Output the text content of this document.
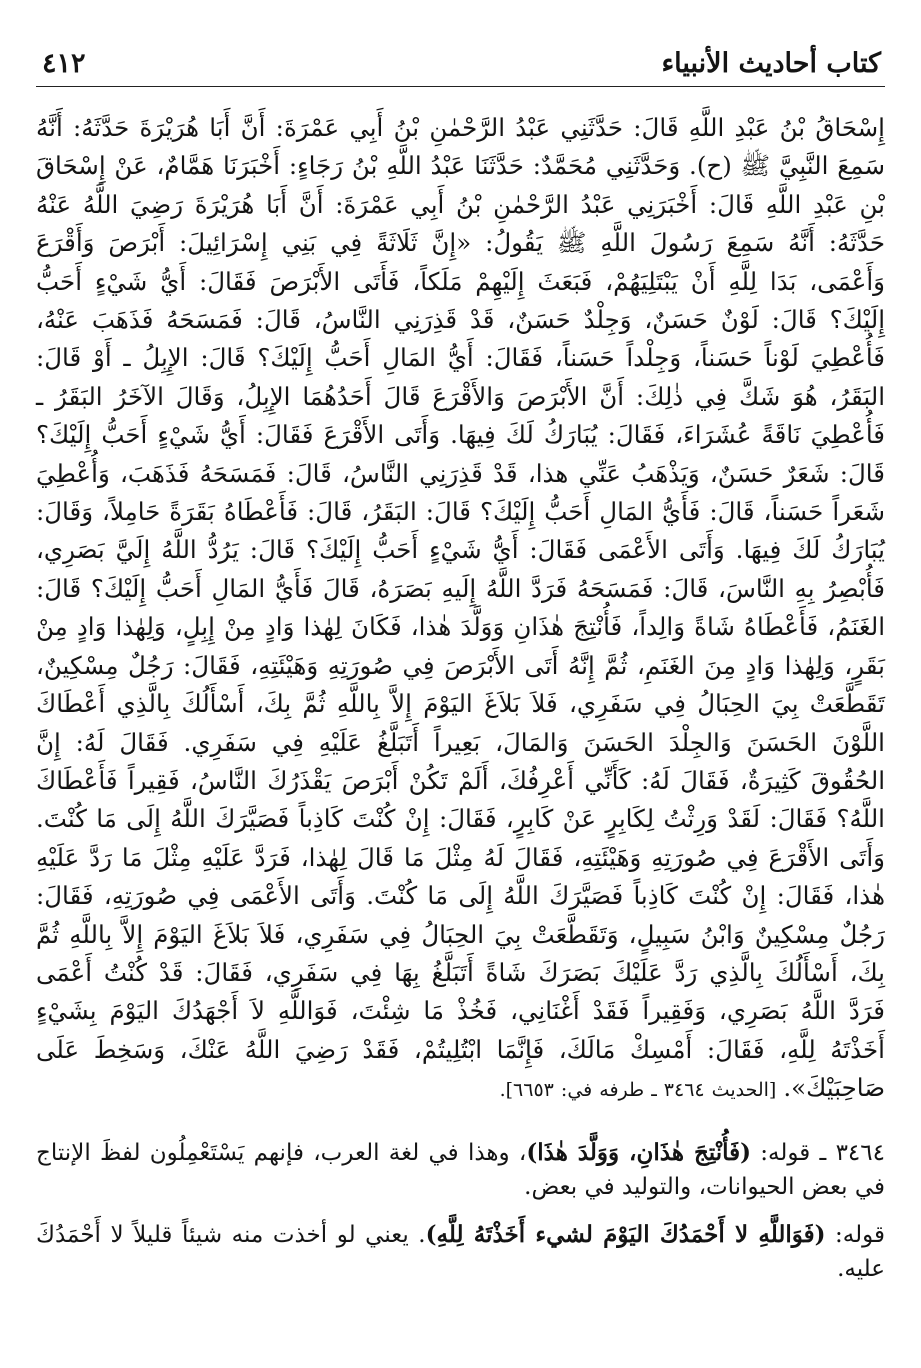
كتاب أحاديث الأنبياء
٤١٢
إِسْحَاقُ بْنُ عَبْدِ اللَّهِ قَالَ: حَدَّثَنِي عَبْدُ الرَّحْمٰنِ بْنُ أَبِي عَمْرَةَ: أَنَّ أَبَا هُرَيْرَةَ حَدَّثَهُ: أَنَّهُ سَمِعَ النَّبِيَّ ﷺ (ح). وَحَدَّثَنِي مُحَمَّدٌ: حَدَّثَنَا عَبْدُ اللَّهِ بْنُ رَجَاءٍ: أَخْبَرَنَا هَمَّامٌ، عَنْ إِسْحَاقَ بْنِ عَبْدِ اللَّهِ قَالَ: أَخْبَرَنِي عَبْدُ الرَّحْمٰنِ بْنُ أَبِي عَمْرَةَ: أَنَّ أَبَا هُرَيْرَةَ رَضِيَ اللَّهُ عَنْهُ حَدَّثَهُ: أَنَّهُ سَمِعَ رَسُولَ اللَّهِ ﷺ يَقُولُ: «إِنَّ ثَلَاثَةً فِي بَنِي إِسْرَائِيلَ: أَبْرَصَ وَأَقْرَعَ وَأَعْمَى، بَدَا لِلَّهِ أَنْ يَبْتَلِيَهُمْ، فَبَعَثَ إِلَيْهِمْ مَلَكاً، فَأَتَى الأَبْرَصَ فَقَالَ: أَيُّ شَيْءٍ أَحَبُّ إِلَيْكَ؟ قَالَ: لَوْنٌ حَسَنٌ، وَجِلْدٌ حَسَنٌ، قَدْ قَذِرَنِي النَّاسُ، قَالَ: فَمَسَحَهُ فَذَهَبَ عَنْهُ، فَأُعْطِيَ لَوْناً حَسَناً، وَجِلْداً حَسَناً، فَقَالَ: أَيُّ المَالِ أَحَبُّ إِلَيْكَ؟ قَالَ: الإِبِلُ ـ أَوْ قَالَ: البَقَرُ، هُوَ شَكَّ فِي ذٰلِكَ: أَنَّ الأَبْرَصَ وَالأَقْرَعَ قَالَ أَحَدُهُمَا الإِبِلُ، وَقَالَ الآخَرُ البَقَرُ ـ فَأُعْطِيَ نَاقَةً عُشَرَاءَ، فَقَالَ: يُبَارَكُ لَكَ فِيهَا. وَأَتَى الأَقْرَعَ فَقَالَ: أَيُّ شَيْءٍ أَحَبُّ إِلَيْكَ؟ قَالَ: شَعَرٌ حَسَنٌ، وَيَذْهَبُ عَنِّي هذا، قَدْ قَذِرَنِي النَّاسُ، قَالَ: فَمَسَحَهُ فَذَهَبَ، وَأُعْطِيَ شَعَراً حَسَناً، قَالَ: فَأَيُّ المَالِ أَحَبُّ إِلَيْكَ؟ قَالَ: البَقَرُ، قَالَ: فَأَعْطَاهُ بَقَرَةً حَامِلاً، وَقَالَ: يُبَارَكُ لَكَ فِيهَا. وَأَتَى الأَعْمَى فَقَالَ: أَيُّ شَيْءٍ أَحَبُّ إِلَيْكَ؟ قَالَ: يَرُدُّ اللَّهُ إِلَيَّ بَصَرِي، فَأُبْصِرُ بِهِ النَّاسَ، قَالَ: فَمَسَحَهُ فَرَدَّ اللَّهُ إِلَيهِ بَصَرَهُ، قَالَ فَأَيُّ المَالِ أَحَبُّ إِلَيْكَ؟ قَالَ: الغَنَمُ، فَأَعْطَاهُ شَاةً وَالِداً، فَأُنْتِجَ هٰذَانِ وَوَلَّدَ هٰذا، فَكَانَ لِهٰذا وَادٍ مِنْ إِبِلٍ، وَلِهٰذا وَادٍ مِنْ بَقَرٍ، وَلِهٰذا وَادٍ مِنَ الغَنَمِ، ثُمَّ إِنَّهُ أَتَى الأَبْرَصَ فِي صُورَتِهِ وَهَيْئَتِهِ، فَقَالَ: رَجُلٌ مِسْكِينٌ، تَقَطَّعَتْ بِيَ الحِبَالُ فِي سَفَرِي، فَلاَ بَلاَغَ اليَوْمَ إِلاَّ بِاللَّهِ ثُمَّ بِكَ، أَسْأَلُكَ بِالَّذِي أَعْطَاكَ اللَّوْنَ الحَسَنَ وَالجِلْدَ الحَسَنَ وَالمَالَ، بَعِيراً أَتَبَلَّغُ عَلَيْهِ فِي سَفَرِي. فَقَالَ لَهُ: إِنَّ الحُقُوقَ كَثِيرَةٌ، فَقَالَ لَهُ: كَأَنِّي أَعْرِفُكَ، أَلَمْ تَكُنْ أَبْرَصَ يَقْذَرُكَ النَّاسُ، فَقِيراً فَأَعْطَاكَ اللَّهُ؟ فَقَالَ: لَقَدْ وَرِثْتُ لِكَابِرٍ عَنْ كَابِرٍ، فَقَالَ: إِنْ كُنْتَ كَاذِباً فَصَيَّرَكَ اللَّهُ إِلَى مَا كُنْتَ. وَأَتَى الأَقْرَعَ فِي صُورَتِهِ وَهَيْئَتِهِ، فَقَالَ لَهُ مِثْلَ مَا قَالَ لِهٰذا، فَرَدَّ عَلَيْهِ مِثْلَ مَا رَدَّ عَلَيْهِ هٰذا، فَقَالَ: إِنْ كُنْتَ كَاذِباً فَصَيَّرَكَ اللَّهُ إِلَى مَا كُنْتَ. وَأَتَى الأَعْمَى فِي صُورَتِهِ، فَقَالَ: رَجُلٌ مِسْكِينٌ وَابْنُ سَبِيلٍ، وَتَقَطَّعَتْ بِيَ الحِبَالُ فِي سَفَرِي، فَلاَ بَلاَغَ اليَوْمَ إِلاَّ بِاللَّهِ ثُمَّ بِكَ، أَسْأَلُكَ بِالَّذِي رَدَّ عَلَيْكَ بَصَرَكَ شَاةً أَتَبَلَّغُ بِهَا فِي سَفَرِي، فَقَالَ: قَدْ كُنْتُ أَعْمَى فَرَدَّ اللَّهُ بَصَرِي، وَفَقِيراً فَقَدْ أَغْنَانِي، فَخُذْ مَا شِئْتَ، فَوَاللَّهِ لاَ أَجْهَدُكَ اليَوْمَ بِشَيْءٍ أَخَذْتَهُ لِلَّهِ، فَقَالَ: أَمْسِكْ مَالَكَ، فَإِنَّمَا ابْتُلِيتُمْ، فَقَدْ رَضِيَ اللَّهُ عَنْكَ، وَسَخِطَ عَلَى صَاحِبَيْكَ». [الحديث ٣٤٦٤ ـ طرفه في: ٦٦٥٣].

٣٤٦٤ ـ قوله: (فَأُنْتِجَ هٰذَانِ، وَوَلَّدَ هٰذَا)، وهذا في لغة العرب، فإنهم يَسْتَعْمِلُون لفظَ الإنتاج في بعض الحيوانات، والتوليد في بعض.

قوله: (فَوَاللَّهِ لا أَحْمَدُكَ اليَوْمَ لشيء أَخَذْتَهُ لِلَّهِ). يعني لو أخذت منه شيئاً قليلاً لا أَحْمَدُكَ عليه.
